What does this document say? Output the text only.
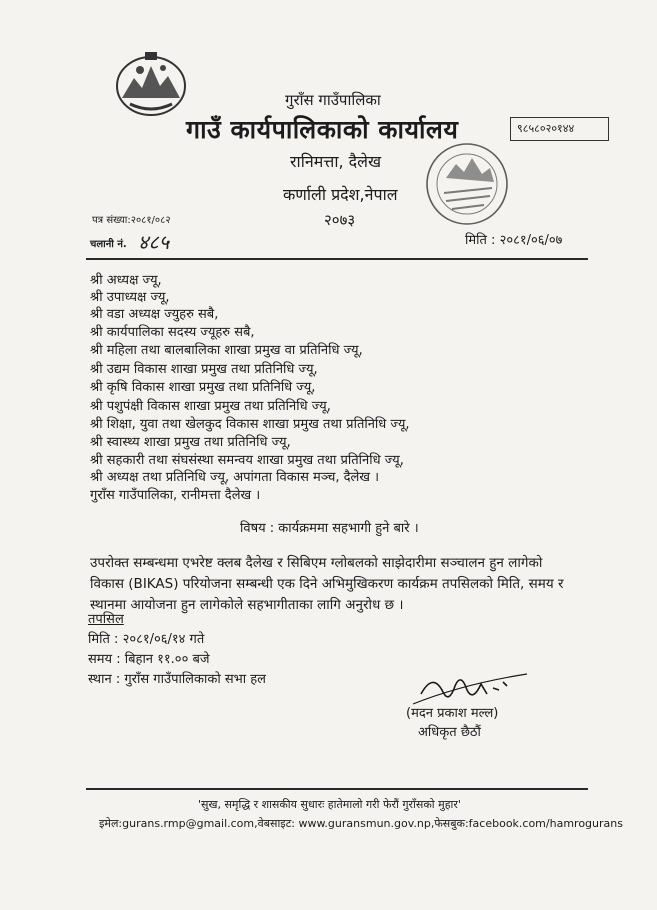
गुराँस गाउँपालिका
गाउँ कार्यपालिकाको कार्यालय
रानिमत्ता, दैलेख
कर्णाली प्रदेश,नेपाल
२०७३
९८५८०२०१४४
पत्र संख्या:२०८१/०८२
चलानी नं. ४८५	मिति : २०८१/०६/०७
श्री अध्यक्ष ज्यू,
श्री उपाध्यक्ष ज्यू,
श्री वडा अध्यक्ष ज्युहरु सबै,
श्री कार्यपालिका सदस्य ज्यूहरु सबै,
श्री महिला तथा बालबालिका शाखा प्रमुख वा प्रतिनिधि ज्यू,
श्री उद्यम विकास शाखा प्रमुख तथा प्रतिनिधि ज्यू,
श्री कृषि विकास शाखा प्रमुख तथा प्रतिनिधि ज्यू,
श्री पशुपंक्षी विकास शाखा प्रमुख तथा प्रतिनिधि ज्यू,
श्री शिक्षा, युवा तथा खेलकुद विकास शाखा प्रमुख तथा प्रतिनिधि ज्यू,
श्री स्वास्थ्य शाखा प्रमुख तथा प्रतिनिधि ज्यू,
श्री सहकारी तथा संघसंस्था समन्वय शाखा प्रमुख तथा प्रतिनिधि ज्यू,
श्री अध्यक्ष तथा प्रतिनिधि ज्यू, अपांगता विकास मञ्च, दैलेख ।
गुराँस गाउँपालिका, रानीमत्ता दैलेख ।
विषय : कार्यक्रममा सहभागी हुने बारे ।
उपरोक्त सम्बन्धमा एभरेष्ट क्लब दैलेख र सिबिएम ग्लोबलको साझेदारीमा सञ्चालन हुन लागेको
विकास (BIKAS) परियोजना सम्बन्धी एक दिने अभिमुखिकरण कार्यक्रम तपसिलको मिति, समय र
स्थानमा आयोजना हुन लागेकोले सहभागीताका लागि अनुरोध छ ।
तपसिल
मिति : २०८१/०६/१४ गते
समय : बिहान ११.०० बजे
स्थान : गुराँस गाउँपालिकाको सभा हल
(मदन प्रकाश मल्ल)
अधिकृत छैठौं
'सुख, समृद्धि र शासकीय सुधारः हातेमालो गरी फेरौं गुराँसको मुहार'
इमेल:gurans.rmp@gmail.com,वेबसाइट: www.guransmun.gov.np,फेसबुक:facebook.com/hamrogurans
